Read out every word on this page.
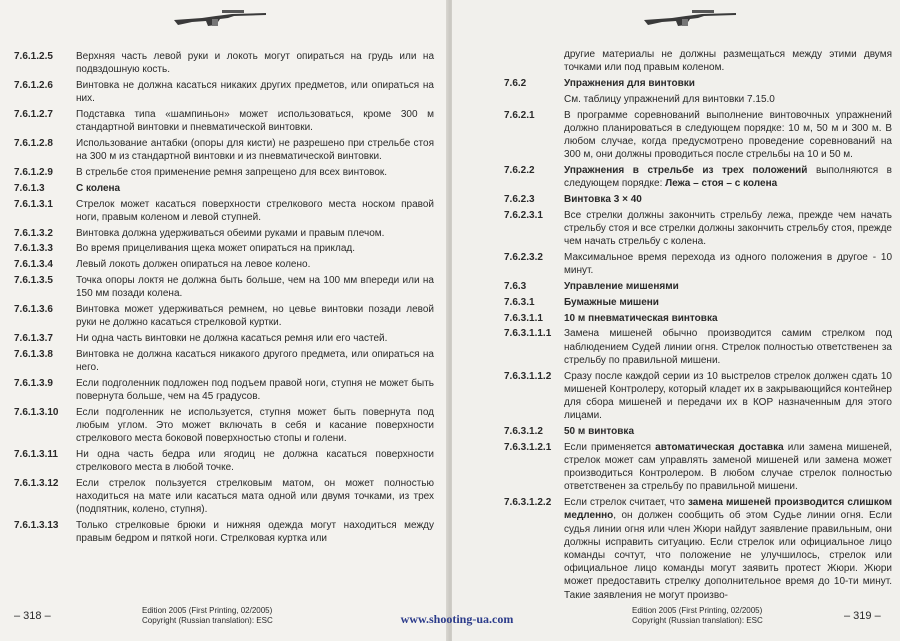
7.6.1.2.5	Верхняя часть левой руки и локоть могут опираться на грудь или на подвздошную кость.
7.6.1.2.6	Винтовка не должна касаться никаких других предметов, или опираться на них.
7.6.1.2.7	Подставка типа «шампиньон» может использоваться, кроме 300 м стандартной винтовки и пневматической винтовки.
7.6.1.2.8	Использование антабки (опоры для кисти) не разрешено при стрельбе стоя на 300 м из стандартной винтовки и из пневматической винтовки.
7.6.1.2.9	В стрельбе стоя применение ремня запрещено для всех винтовок.
7.6.1.3	С колена
7.6.1.3.1	Стрелок может касаться поверхности стрелкового места носком правой ноги, правым коленом и левой ступней.
7.6.1.3.2	Винтовка должна удерживаться обеими руками и правым плечом.
7.6.1.3.3	Во время прицеливания щека может опираться на приклад.
7.6.1.3.4	Левый локоть должен опираться на левое колено.
7.6.1.3.5	Точка опоры локтя не должна быть больше, чем на 100 мм впереди или на 150 мм позади колена.
7.6.1.3.6	Винтовка может удерживаться ремнем, но цевье винтовки позади левой руки не должно касаться стрелковой куртки.
7.6.1.3.7	Ни одна часть винтовки не должна касаться ремня или его частей.
7.6.1.3.8	Винтовка не должна касаться никакого другого предмета, или опираться на него.
7.6.1.3.9	Если подголенник подложен под подъем правой ноги, ступня не может быть повернута больше, чем на 45 градусов.
7.6.1.3.10	Если подголенник не используется, ступня может быть повернута под любым углом. Это может включать в себя и касание поверхности стрелкового места боковой поверхностью стопы и голени.
7.6.1.3.11	Ни одна часть бедра или ягодиц не должна касаться поверхности стрелкового места в любой точке.
7.6.1.3.12	Если стрелок пользуется стрелковым матом, он может полностью находиться на мате или касаться мата одной или двумя точками, из трех (подпятник, колено, ступня).
7.6.1.3.13	Только стрелковые брюки и нижняя одежда могут находиться между правым бедром и пяткой ноги. Стрелковая куртка или
– 318 –	Edition 2005 (First Printing, 02/2005)
Copyright (Russian translation): ESC
другие материалы не должны размещаться между этими двумя точками или под правым коленом.
7.6.2	Упражнения для винтовки
См. таблицу упражнений для винтовки 7.15.0
7.6.2.1	В программе соревнований выполнение винтовочных упражнений должно планироваться в следующем порядке: 10 м, 50 м и 300 м. В любом случае, когда предусмотрено проведение соревнований на 300 м, они должны проводиться после стрельбы на 10 и 50 м.
7.6.2.2	Упражнения в стрельбе из трех положений выполняются в следующем порядке: Лежа – стоя – с колена
7.6.2.3	Винтовка 3 × 40
7.6.2.3.1	Все стрелки должны закончить стрельбу лежа, прежде чем начать стрельбу стоя и все стрелки должны закончить стрельбу стоя, прежде чем начать стрельбу с колена.
7.6.2.3.2	Максимальное время перехода из одного положения в другое - 10 минут.
7.6.3	Управление мишенями
7.6.3.1	Бумажные мишени
7.6.3.1.1	10 м пневматическая винтовка
7.6.3.1.1.1	Замена мишеней обычно производится самим стрелком под наблюдением Судей линии огня. Стрелок полностью ответственен за стрельбу по правильной мишени.
7.6.3.1.1.2	Сразу после каждой серии из 10 выстрелов стрелок должен сдать 10 мишеней Контролеру, который кладет их в закрывающийся контейнер для сбора мишеней и передачи их в КОР назначенным для этого лицами.
7.6.3.1.2	50 м винтовка
7.6.3.1.2.1	Если применяется автоматическая доставка или замена мишеней, стрелок может сам управлять заменой мишеней или замена может производиться Контролером. В любом случае стрелок полностью ответственен за стрельбу по правильной мишени.
7.6.3.1.2.2	Если стрелок считает, что замена мишеней производится слишком медленно, он должен сообщить об этом Судье линии огня. Если судья линии огня или член Жюри найдут заявление правильным, они должны исправить ситуацию. Если стрелок или официальное лицо команды сочтут, что положение не улучшилось, стрелок или официальное лицо команды могут заявить протест Жюри. Жюри может предоставить стрелку дополнительное время до 10-ти минут. Такие заявления не могут произво-
Edition 2005 (First Printing, 02/2005)
Copyright (Russian translation): ESC	– 319 –
www.shooting-ua.com
